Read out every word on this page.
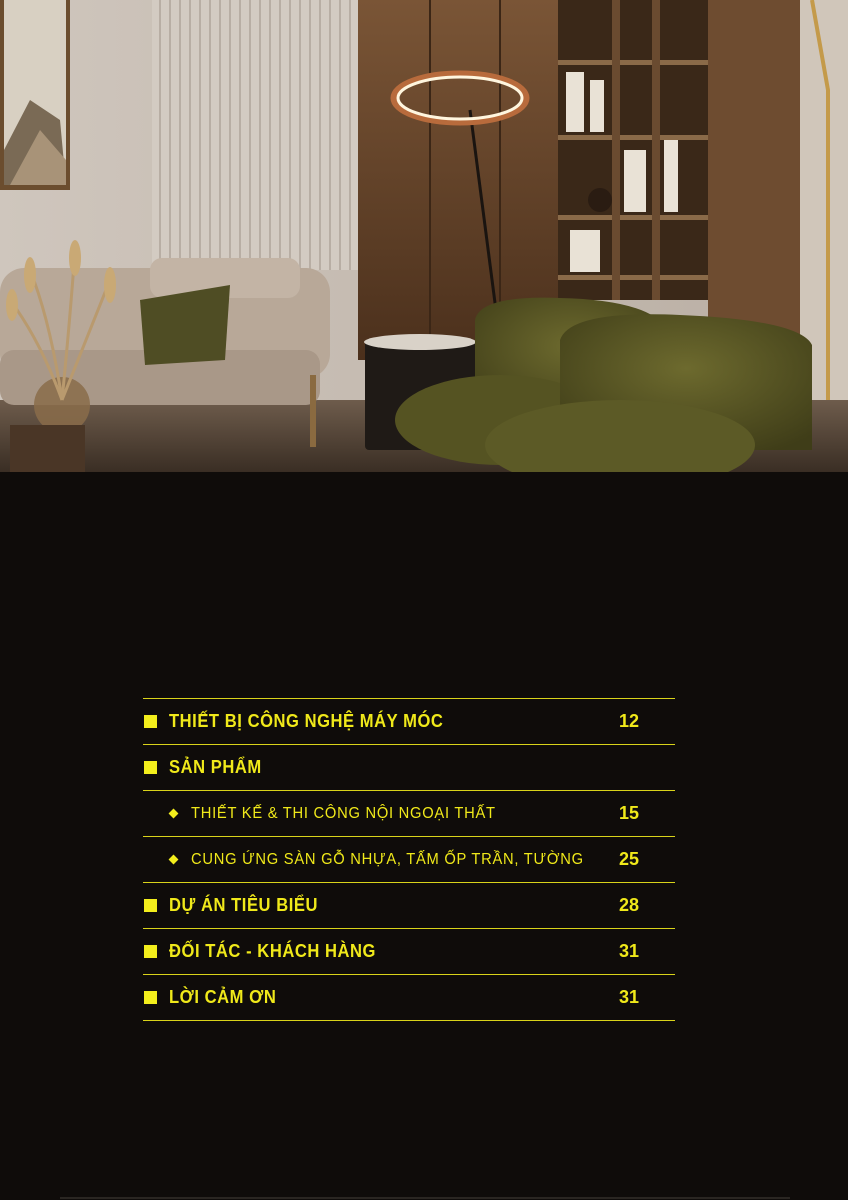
THIẾT BỊ CÔNG NGHỆ MÁY MÓC	12
SẢN PHẨM
THIẾT KẾ & THI CÔNG NỘI NGOẠI THẤT	15
CUNG ỨNG SÀN GỖ NHỰA, TẤM ỐP TRẦN, TƯỜNG 25
DỰ ÁN TIÊU BIỂU	28
ĐỐI TÁC - KHÁCH HÀNG	31
LỜI CẢM ƠN	31
